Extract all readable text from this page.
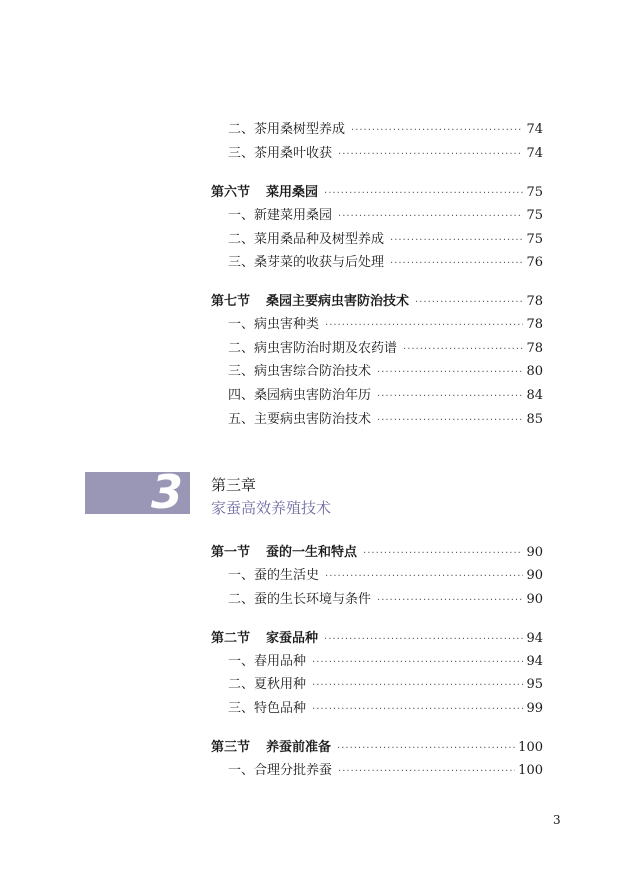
二、茶用桑树型养成 ·····	74
三、茶用桑叶收获 ·····	74
第六节 菜用桑园 ·····	75
一、新建菜用桑园 ·····	75
二、菜用桑品种及树型养成 ·····	75
三、桑芽菜的收获与后处理 ·····	76
第七节 桑园主要病虫害防治技术 ·····	78
一、病虫害种类 ·····	78
二、病虫害防治时期及农药谱 ·····	78
三、病虫害综合防治技术 ·····	80
四、桑园病虫害防治年历 ·····	84
五、主要病虫害防治技术 ·····	85
3 第三章
家蚕高效养殖技术
第一节 蚕的一生和特点 ·····	90
一、蚕的生活史 ·····	90
二、蚕的生长环境与条件 ·····	90
第二节 家蚕品种 ·····	94
一、春用品种 ·····	94
二、夏秋用种 ·····	95
三、特色品种 ·····	99
第三节 养蚕前准备 ·····	100
一、合理分批养蚕 ·····	100
3
